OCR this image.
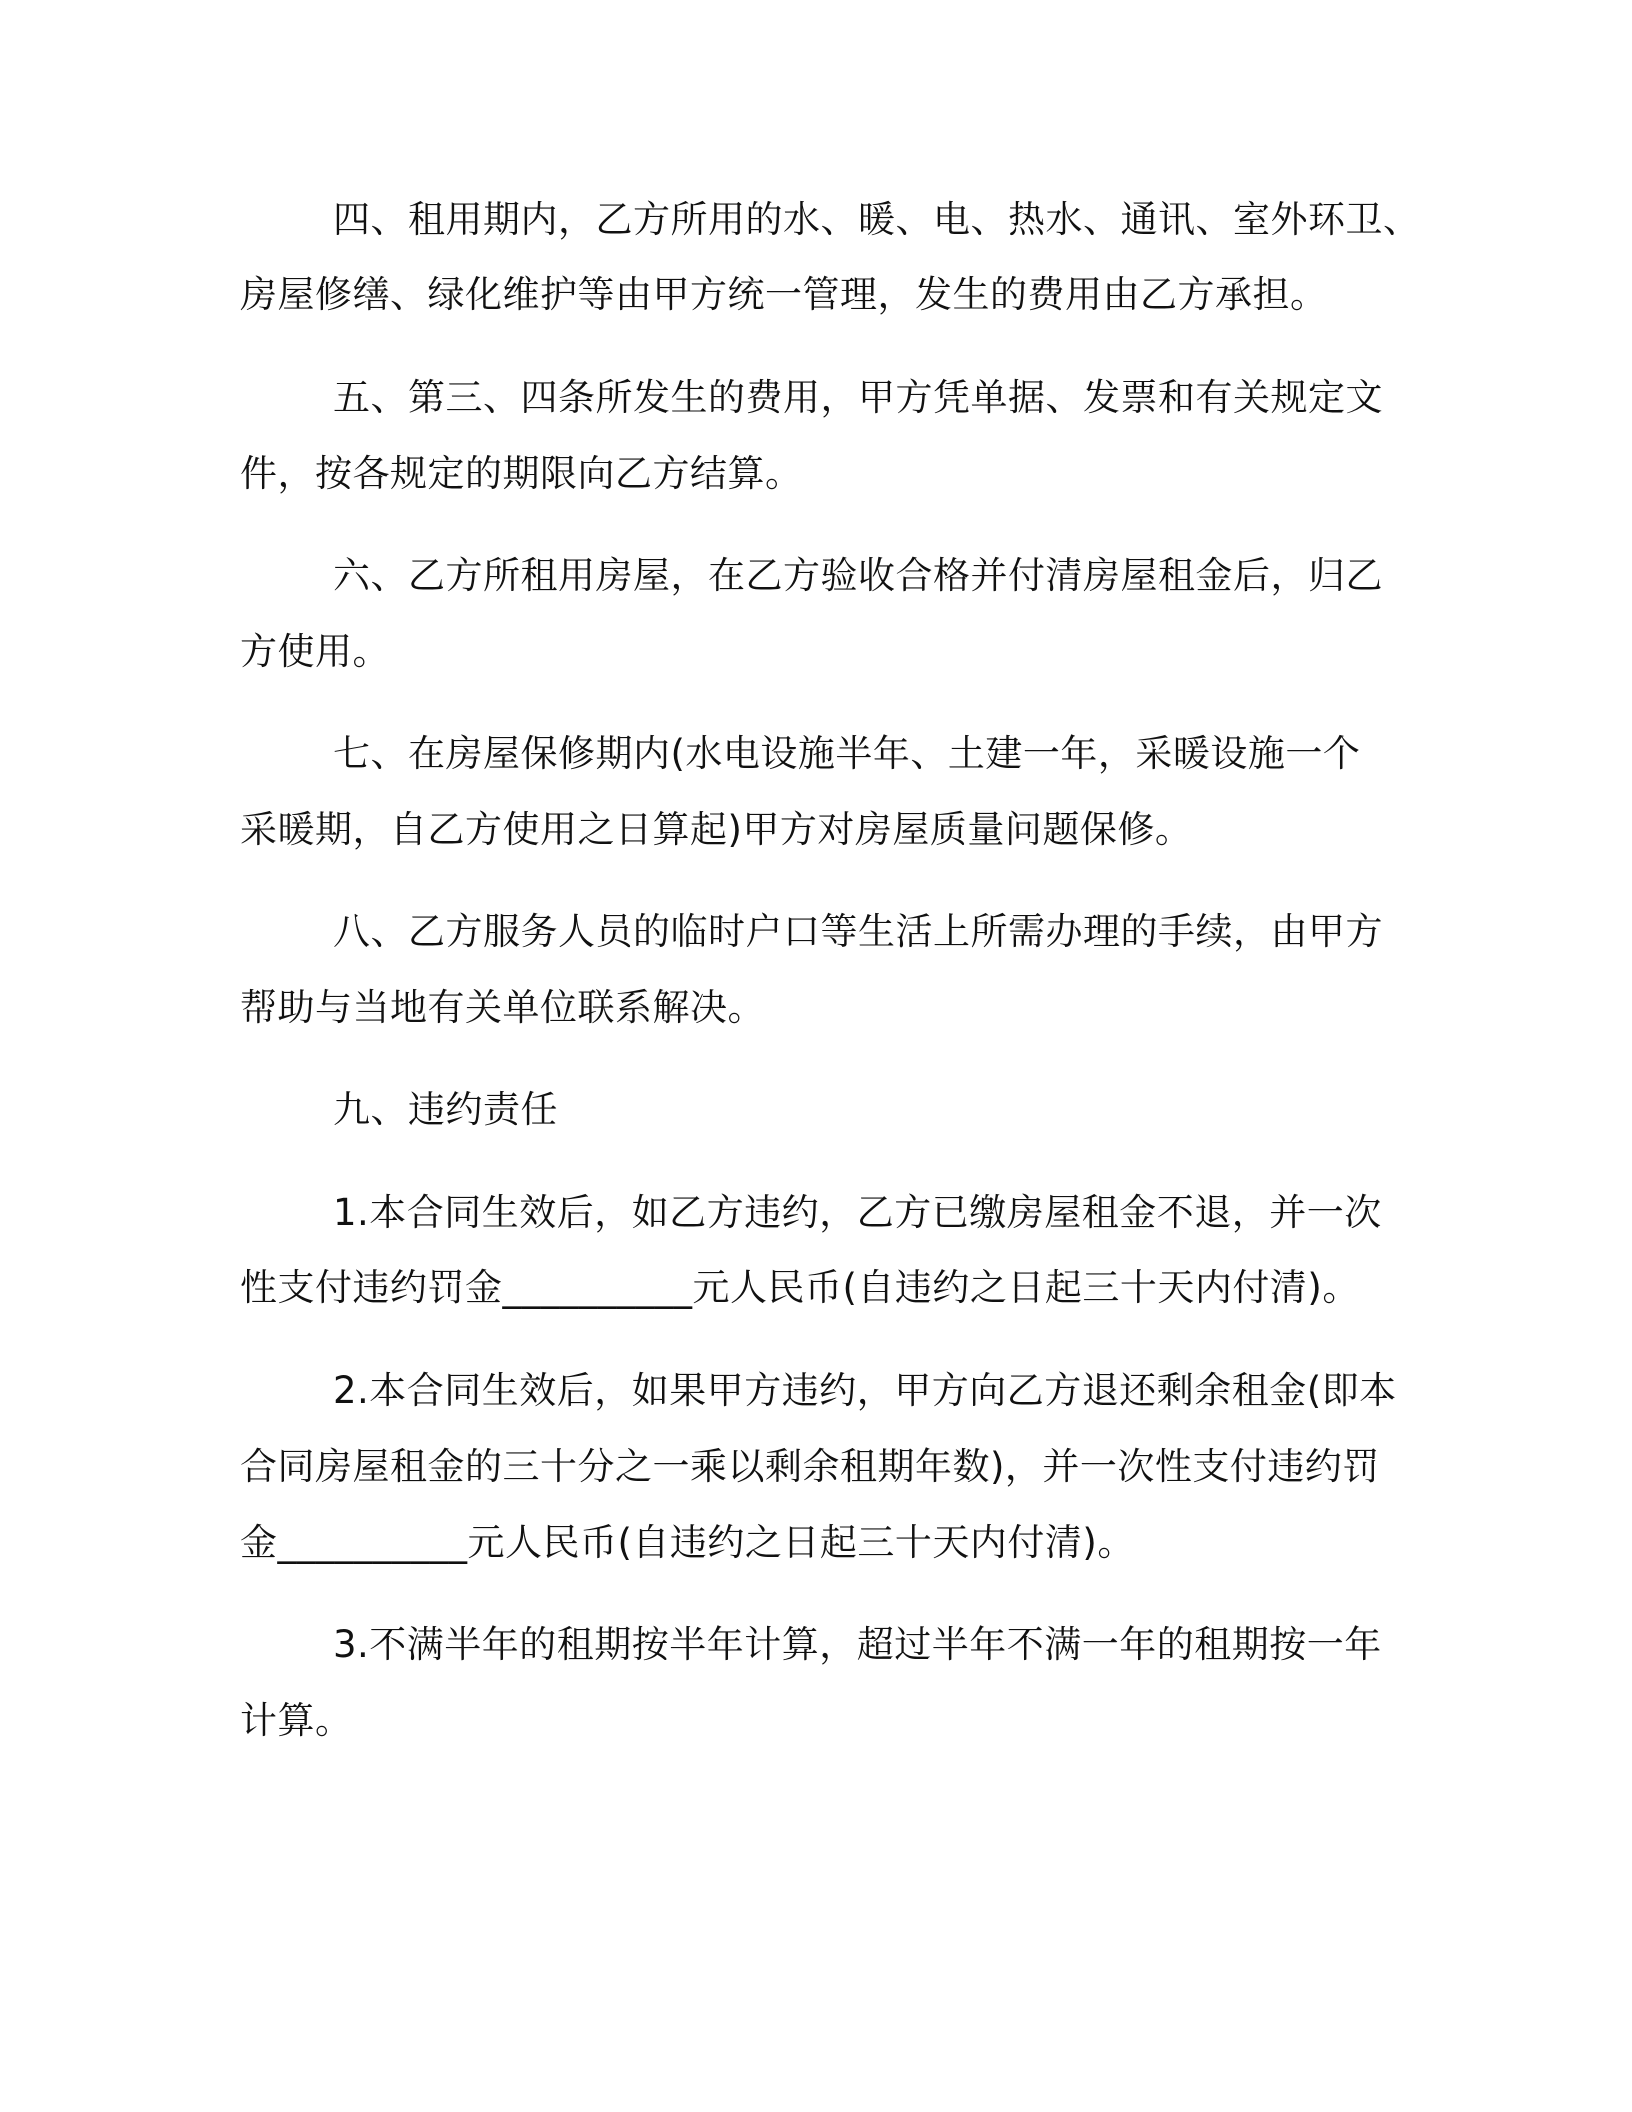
四、租用期内，乙方所用的水、暖、电、热水、通讯、室外环卫、
房屋修缮、绿化维护等由甲方统一管理，发生的费用由乙方承担。
五、第三、四条所发生的费用，甲方凭单据、发票和有关规定文
件，按各规定的期限向乙方结算。
六、乙方所租用房屋，在乙方验收合格并付清房屋租金后，归乙
方使用。
七、在房屋保修期内(水电设施半年、土建一年，采暖设施一个
采暖期，自乙方使用之日算起)甲方对房屋质量问题保修。
八、乙方服务人员的临时户口等生活上所需办理的手续，由甲方
帮助与当地有关单位联系解决。
九、违约责任
1.本合同生效后，如乙方违约，乙方已缴房屋租金不退，并一次
性支付违约罚金__________元人民币(自违约之日起三十天内付清)。
2.本合同生效后，如果甲方违约，甲方向乙方退还剩余租金(即本
合同房屋租金的三十分之一乘以剩余租期年数)，并一次性支付违约罚
金__________元人民币(自违约之日起三十天内付清)。
3.不满半年的租期按半年计算，超过半年不满一年的租期按一年
计算。
